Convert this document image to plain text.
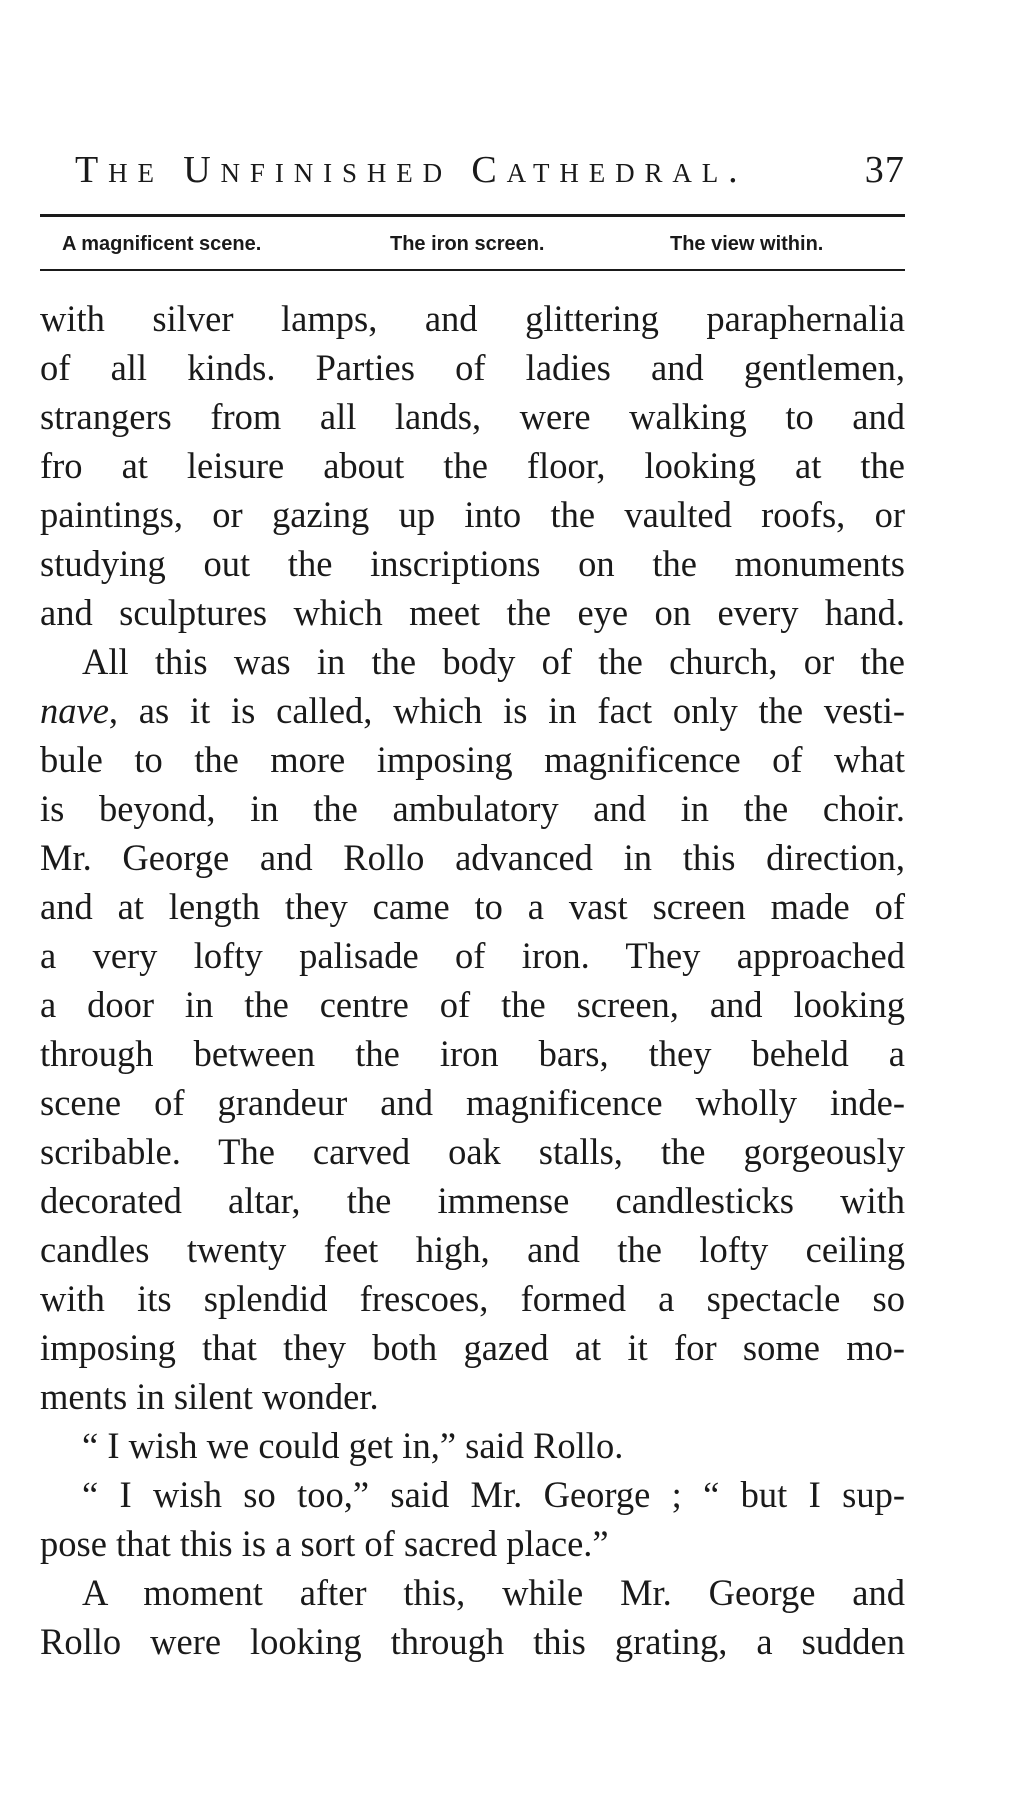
The Unfinished Cathedral.	37
A magnificent scene.	The iron screen.	The view within.
with silver lamps, and glittering paraphernalia
of all kinds. Parties of ladies and gentlemen,
strangers from all lands, were walking to and
fro at leisure about the floor, looking at the
paintings, or gazing up into the vaulted roofs, or
studying out the inscriptions on the monuments
and sculptures which meet the eye on every hand.
All this was in the body of the church, or the
nave, as it is called, which is in fact only the vesti-
bule to the more imposing magnificence of what
is beyond, in the ambulatory and in the choir.
Mr. George and Rollo advanced in this direction,
and at length they came to a vast screen made of
a very lofty palisade of iron. They approached
a door in the centre of the screen, and looking
through between the iron bars, they beheld a
scene of grandeur and magnificence wholly inde-
scribable. The carved oak stalls, the gorgeously
decorated altar, the immense candlesticks with
candles twenty feet high, and the lofty ceiling
with its splendid frescoes, formed a spectacle so
imposing that they both gazed at it for some mo-
ments in silent wonder.
“ I wish we could get in,” said Rollo.
“ I wish so too,” said Mr. George ; “ but I sup-
pose that this is a sort of sacred place.”
A moment after this, while Mr. George and
Rollo were looking through this grating, a sudden
